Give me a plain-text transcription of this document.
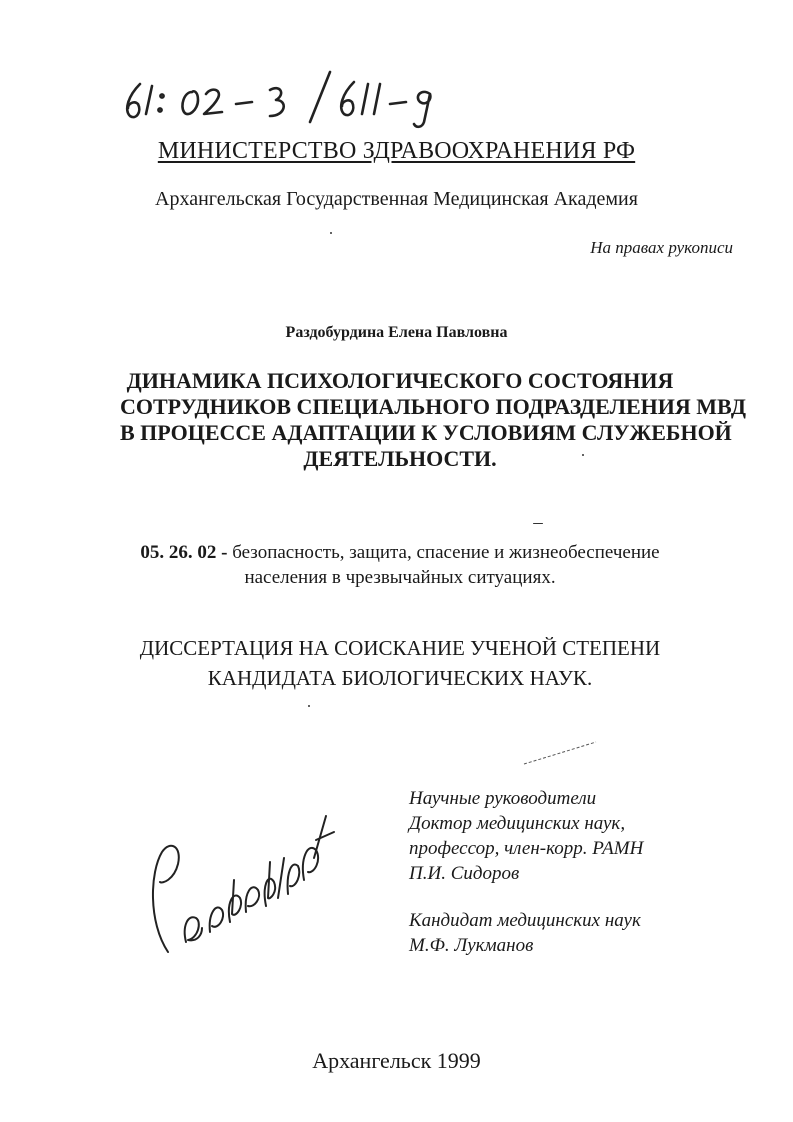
МИНИСТЕРСТВО ЗДРАВООХРАНЕНИЯ РФ
Архангельская Государственная Медицинская Академия
На правах рукописи
Раздобурдина Елена Павловна
ДИНАМИКА ПСИХОЛОГИЧЕСКОГО СОСТОЯНИЯ
СОТРУДНИКОВ СПЕЦИАЛЬНОГО ПОДРАЗДЕЛЕНИЯ МВД
В ПРОЦЕССЕ АДАПТАЦИИ К УСЛОВИЯМ СЛУЖЕБНОЙ
ДЕЯТЕЛЬНОСТИ.
05. 26. 02 - безопасность, защита, спасение и жизнеобеспечение
населения в чрезвычайных ситуациях.
ДИССЕРТАЦИЯ НА СОИСКАНИЕ УЧЕНОЙ СТЕПЕНИ
КАНДИДАТА БИОЛОГИЧЕСКИХ НАУК.
Научные руководители
Доктор медицинских наук,
профессор, член-корр. РАМН
П.И. Сидоров
Кандидат медицинских наук
М.Ф. Лукманов
Архангельск 1999
